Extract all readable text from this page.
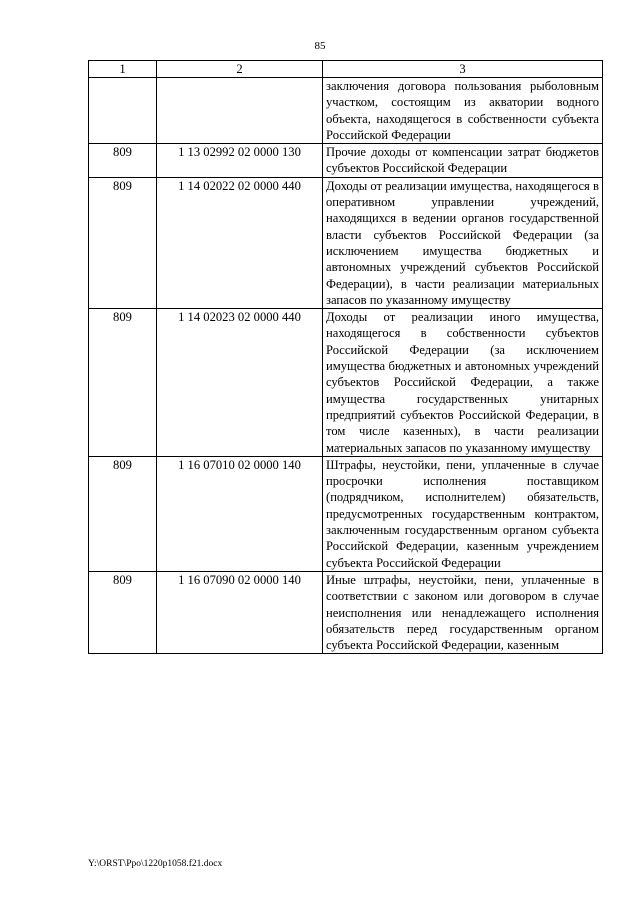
85
1	2	3
		заключения договора пользования рыболовным участком, состоящим из акватории водного объекта, находящегося в собственности субъекта Российской Федерации
809	1 13 02992 02 0000 130	Прочие доходы от компенсации затрат бюджетов субъектов Российской Федерации
809	1 14 02022 02 0000 440	Доходы от реализации имущества, находящегося в оперативном управлении учреждений, находящихся в ведении органов государственной власти субъектов Российской Федерации (за исключением имущества бюджетных и автономных учреждений субъектов Российской Федерации), в части реализации материальных запасов по указанному имуществу
809	1 14 02023 02 0000 440	Доходы от реализации иного имущества, находящегося в собственности субъектов Российской Федерации (за исключением имущества бюджетных и автономных учреждений субъектов Российской Федерации, а также имущества государственных унитарных предприятий субъектов Российской Федерации, в том числе казенных), в части реализации материальных запасов по указанному имуществу
809	1 16 07010 02 0000 140	Штрафы, неустойки, пени, уплаченные в случае просрочки исполнения поставщиком (подрядчиком, исполнителем) обязательств, предусмотренных государственным контрактом, заключенным государственным органом субъекта Российской Федерации, казенным учреждением субъекта Российской Федерации
809	1 16 07090 02 0000 140	Иные штрафы, неустойки, пени, уплаченные в соответствии с законом или договором в случае неисполнения или ненадлежащего исполнения обязательств перед государственным органом субъекта Российской Федерации, казенным
Y:\ORST\Ppo\1220p1058.f21.docx
